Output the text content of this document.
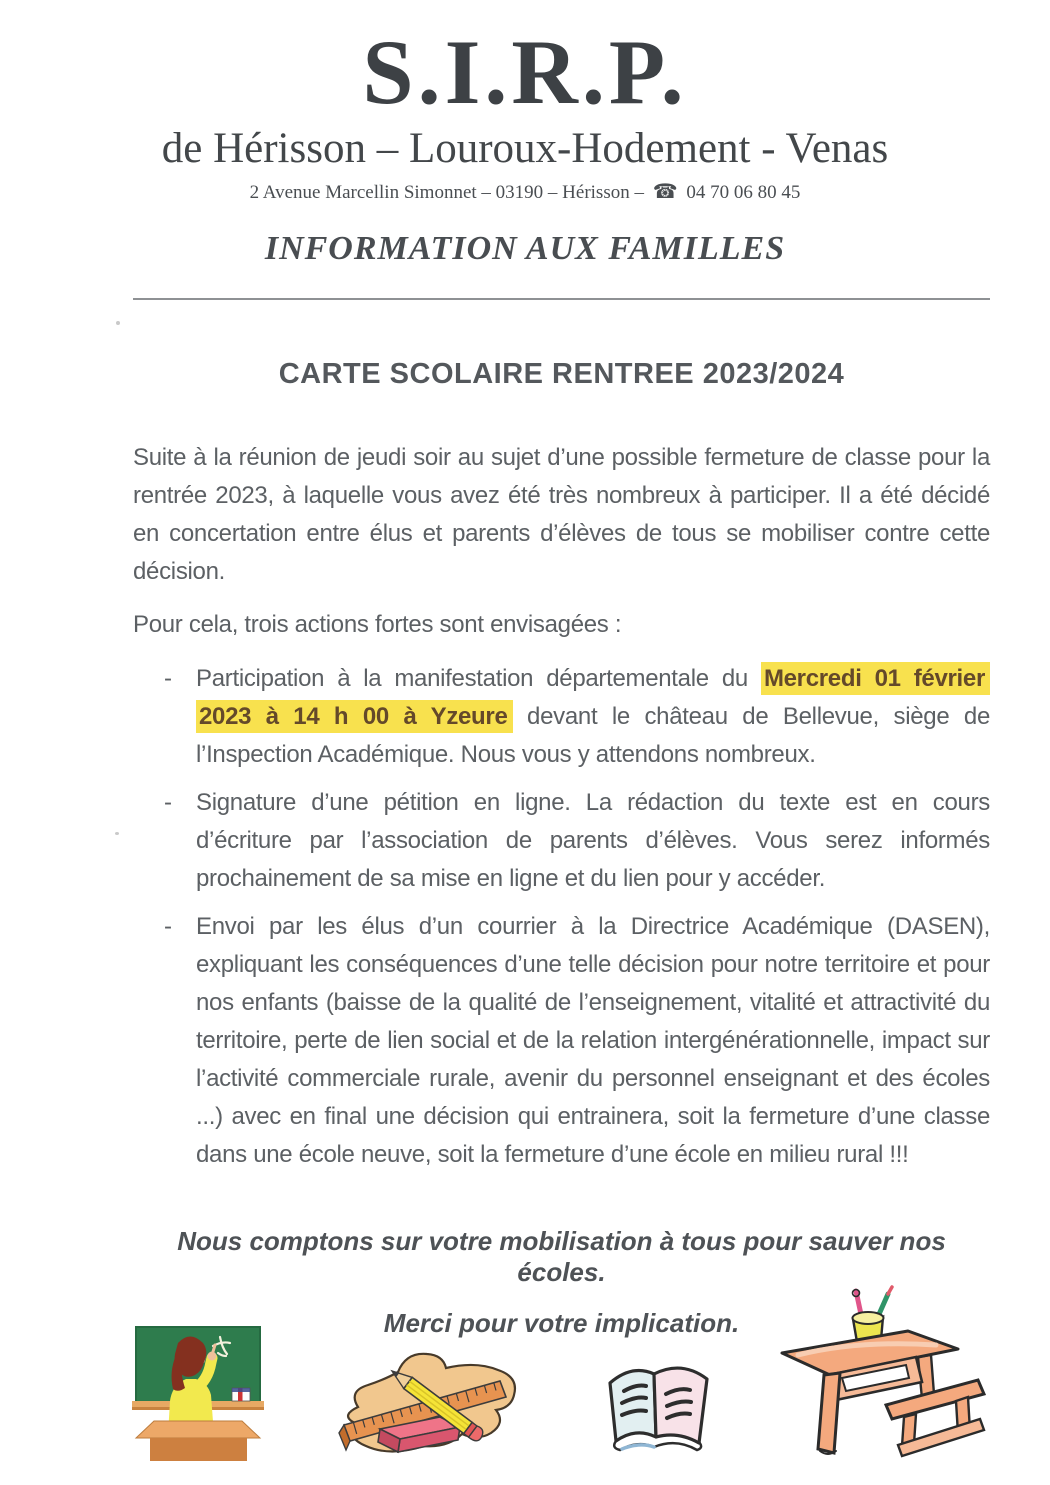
S.I.R.P.
de Hérisson – Louroux-Hodement - Venas
2 Avenue Marcellin Simonnet – 03190 – Hérisson – ☎ 04 70 06 80 45
INFORMATION AUX FAMILLES
CARTE SCOLAIRE RENTREE 2023/2024

Suite à la réunion de jeudi soir au sujet d’une possible fermeture de classe pour la rentrée 2023, à laquelle vous avez été très nombreux à participer. Il a été décidé en concertation entre élus et parents d’élèves de tous se mobiliser contre cette décision.

Pour cela, trois actions fortes sont envisagées :

- Participation à la manifestation départementale du Mercredi 01 février 2023 à 14 h 00 à Yzeure devant le château de Bellevue, siège de l’Inspection Académique. Nous vous y attendons nombreux.
- Signature d’une pétition en ligne. La rédaction du texte est en cours d’écriture par l’association de parents d’élèves. Vous serez informés prochainement de sa mise en ligne et du lien pour y accéder.
- Envoi par les élus d’un courrier à la Directrice Académique (DASEN), expliquant les conséquences d’une telle décision pour notre territoire et pour nos enfants (baisse de la qualité de l’enseignement, vitalité et attractivité du territoire, perte de lien social et de la relation intergénérationnelle, impact sur l’activité commerciale rurale, avenir du personnel enseignant et des écoles ...) avec en final une décision qui entrainera, soit la fermeture d’une classe dans une école neuve, soit la fermeture d’une école en milieu rural !!!
Nous comptons sur votre mobilisation à tous pour sauver nos écoles.
Merci pour votre implication.
